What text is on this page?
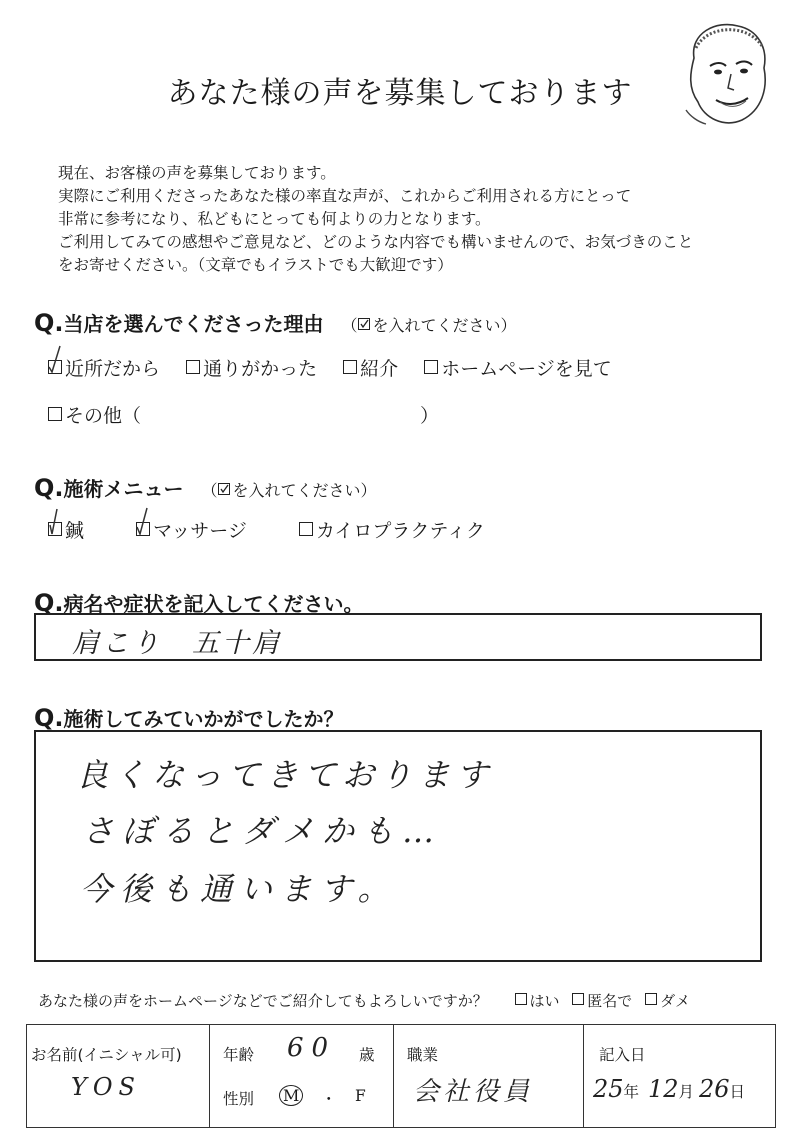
あなた様の声を募集しております
現在、お客様の声を募集しております。
実際にご利用くださったあなた様の率直な声が、これからご利用される方にとって
非常に参考になり、私どもにとっても何よりの力となります。
ご利用してみての感想やご意見など、どのような内容でも構いませんので、お気づきのこと
をお寄せください。（文章でもイラストでも大歓迎です）
Q.当店を選んでくださった理由 （ を入れてください）
近所だから 通りがかった 紹介 ホームページを見て
その他（	）
Q.施術メニュー （ を入れてください）
鍼	マッサージ	カイロプラクティク
Q.病名や症状を記入してください。
肩こり　五十肩
Q.施術してみていかがでしたか？
良くなってきております
さぼるとダメかも…
今後も通います。
あなた様の声をホームページなどでご紹介してもよろしいですか？	はい 匿名で ダメ
お名前(イニシャル可)
YOS
年齢 60 歳
性別 M ・ F
職業
会社役員
記入日
25年 12月 26日
